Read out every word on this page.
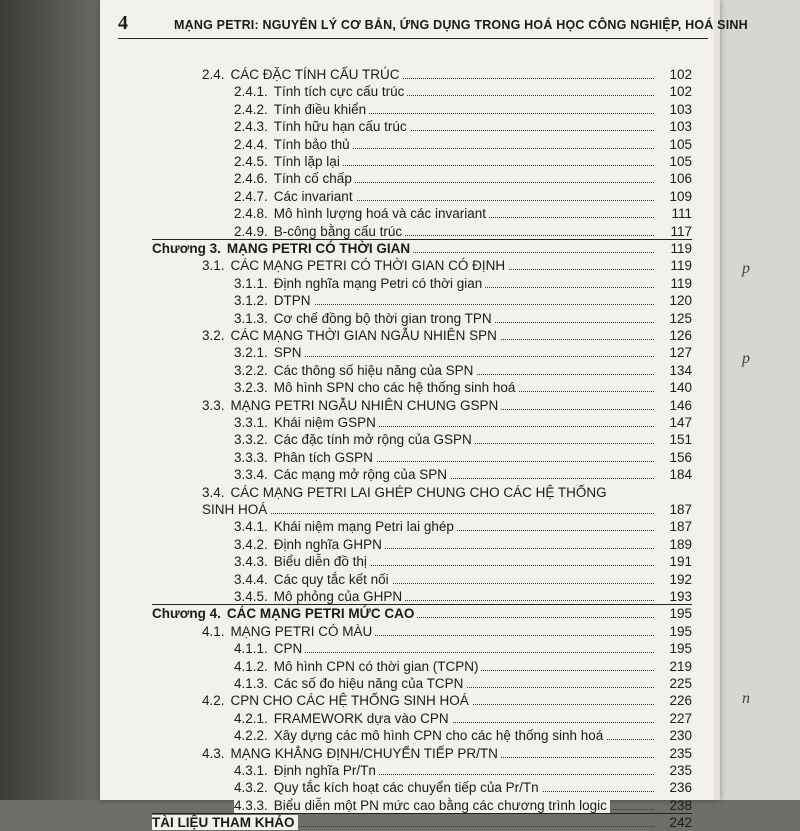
p
p
n
4	MẠNG PETRI: NGUYÊN LÝ CƠ BẢN, ỨNG DỤNG TRONG HOÁ HỌC CÔNG NGHIỆP, HOÁ SINH
2.4. CÁC ĐẶC TÍNH CẤU TRÚC	102
2.4.1. Tính tích cực cấu trúc	102
2.4.2. Tính điều khiển	103
2.4.3. Tính hữu hạn cấu trúc	103
2.4.4. Tính bảo thủ	105
2.4.5. Tính lặp lại	105
2.4.6. Tính cố chấp	106
2.4.7. Các invariant	109
2.4.8. Mô hình lượng hoá và các invariant	111
2.4.9. B-công bằng cấu trúc	117
Chương 3. MẠNG PETRI CÓ THỜI GIAN	119
3.1. CÁC MẠNG PETRI CÓ THỜI GIAN CÓ ĐỊNH	119
3.1.1. Định nghĩa mạng Petri có thời gian	119
3.1.2. DTPN	120
3.1.3. Cơ chế đồng bộ thời gian trong TPN	125
3.2. CÁC MẠNG THỜI GIAN NGẪU NHIÊN SPN	126
3.2.1. SPN	127
3.2.2. Các thông số hiệu năng của SPN	134
3.2.3. Mô hình SPN cho các hệ thống sinh hoá	140
3.3. MẠNG PETRI NGẪU NHIÊN CHUNG GSPN	146
3.3.1. Khái niệm GSPN	147
3.3.2. Các đặc tính mở rộng của GSPN	151
3.3.3. Phân tích GSPN	156
3.3.4. Các mạng mở rộng của SPN	184
3.4. CÁC MẠNG PETRI LAI GHÉP CHUNG CHO CÁC HỆ THỐNG
SINH HOÁ	187
3.4.1. Khái niệm mạng Petri lai ghép	187
3.4.2. Định nghĩa GHPN	189
3.4.3. Biểu diễn đồ thị	191
3.4.4. Các quy tắc kết nối	192
3.4.5. Mô phỏng của GHPN	193
Chương 4. CÁC MẠNG PETRI MỨC CAO	195
4.1. MẠNG PETRI CÓ MÀU	195
4.1.1. CPN	195
4.1.2. Mô hình CPN có thời gian (TCPN)	219
4.1.3. Các số đo hiệu năng của TCPN	225
4.2. CPN CHO CÁC HỆ THỐNG SINH HOÁ	226
4.2.1. FRAMEWORK dựa vào CPN	227
4.2.2. Xây dựng các mô hình CPN cho các hệ thống sinh hoá	230
4.3. MẠNG KHẲNG ĐỊNH/CHUYỂN TIẾP PR/TN	235
4.3.1. Định nghĩa Pr/Tn	235
4.3.2. Quy tắc kích hoạt các chuyển tiếp của Pr/Tn	236
4.3.3. Biểu diễn một PN mức cao bằng các chương trình logic	238
TÀI LIỆU THAM KHẢO	242
